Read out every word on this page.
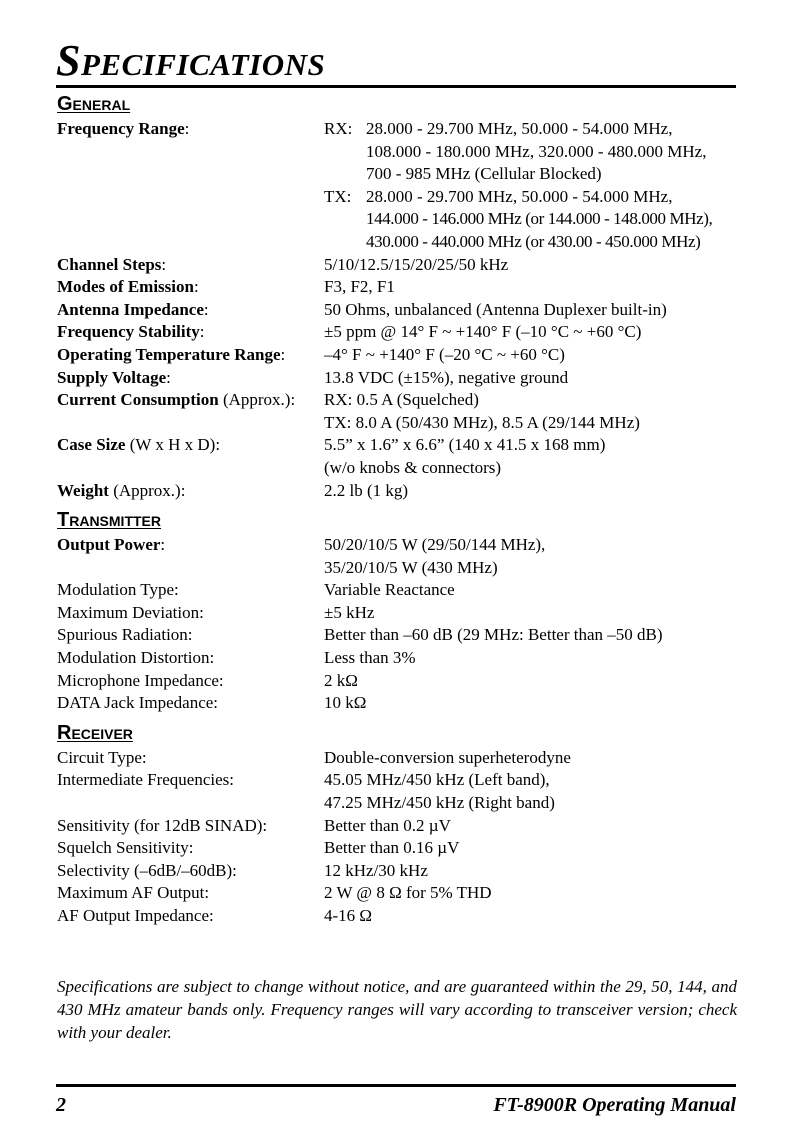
Specifications
General
Frequency Range:	RX: 28.000 - 29.700 MHz, 50.000 - 54.000 MHz,
108.000 - 180.000 MHz, 320.000 - 480.000 MHz,
700 - 985 MHz (Cellular Blocked)
TX: 28.000 - 29.700 MHz, 50.000 - 54.000 MHz,
144.000 - 146.000 MHz (or 144.000 - 148.000 MHz),
430.000 - 440.000 MHz (or 430.00 - 450.000 MHz)
Channel Steps:	5/10/12.5/15/20/25/50 kHz
Modes of Emission:	F3, F2, F1
Antenna Impedance:	50 Ohms, unbalanced (Antenna Duplexer built-in)
Frequency Stability:	±5 ppm @ 14° F ~ +140° F (–10 °C ~ +60 °C)
Operating Temperature Range:	–4° F ~ +140° F (–20 °C ~ +60 °C)
Supply Voltage:	13.8 VDC (±15%), negative ground
Current Consumption (Approx.):	RX: 0.5 A (Squelched)
TX: 8.0 A (50/430 MHz), 8.5 A (29/144 MHz)
Case Size (W x H x D):	5.5” x 1.6” x 6.6” (140 x 41.5 x 168 mm)
(w/o knobs & connectors)
Weight (Approx.):	2.2 lb (1 kg)
Transmitter
Output Power:	50/20/10/5 W (29/50/144 MHz),
35/20/10/5 W (430 MHz)
Modulation Type:	Variable Reactance
Maximum Deviation:	±5 kHz
Spurious Radiation:	Better than –60 dB (29 MHz: Better than –50 dB)
Modulation Distortion:	Less than 3%
Microphone Impedance:	2 kΩ
DATA Jack Impedance:	10 kΩ
Receiver
Circuit Type:	Double-conversion superheterodyne
Intermediate Frequencies:	45.05 MHz/450 kHz (Left band),
47.25 MHz/450 kHz (Right band)
Sensitivity (for 12dB SINAD):	Better than 0.2 µV
Squelch Sensitivity:	Better than 0.16 µV
Selectivity (–6dB/–60dB):	12 kHz/30 kHz
Maximum AF Output:	2 W @ 8 Ω for 5% THD
AF Output Impedance:	4-16 Ω
Specifications are subject to change without notice, and are guaranteed within the 29, 50, 144, and 430 MHz amateur bands only. Frequency ranges will vary according to transceiver version; check with your dealer.
2	FT-8900R Operating Manual
